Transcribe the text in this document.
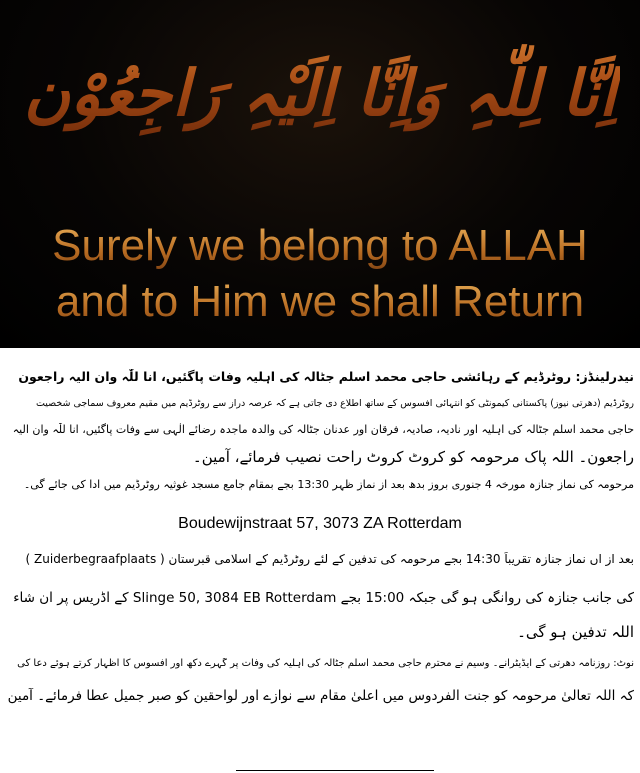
اِنَّا لِلّٰہِ وَاِنَّا اِلَیْہِ رَاجِعُوْن
Surely we belong to ALLAH
and to Him we shall Return
نیدرلینڈز: روٹرڈیم کے رہائشی حاجی محمد اسلم جٹالہ کی اہلیہ وفات پاگئیں، انا للّٰہ وان الیہ راجعون
روٹرڈیم (دھرتی نیوز) پاکستانی کیمونٹی کو انتہائی افسوس کے ساتھ اطلاع دی جاتی ہے کہ عرصہ دراز سے روٹرڈیم میں مقیم معروف سماجی شخصیت
حاجی محمد اسلم جٹالہ کی اہلیہ اور نادیہ، صادیہ، فرقان اور عدنان جٹالہ کی والدہ ماجدہ رضائے الٰہی سے وفات پاگئیں، انا للّٰہ وان الیہ
راجعون۔ اللہ پاک مرحومہ کو کروٹ کروٹ راحت نصیب فرمائے، آمین۔
مرحومہ کی نمازِ جنازہ مورخہ 4 جنوری بروز بدھ بعد از نمازِ ظہر 13:30 بجے بمقام جامع مسجد غوثیہ روٹرڈیم میں ادا کی جائے گی۔
Boudewijnstraat 57, 3073 ZA Rotterdam
بعد از اں نماز جنازہ تقریباً 14:30 بجے مرحومہ کی تدفین کے لئے روٹرڈیم کے اسلامی قبرستان ( Zuiderbegraafplaats )
کی جانب جنازہ کی روانگی ہو گی جبکہ 15:00 بجے Slinge 50, 3084 EB Rotterdam کے اڈریس پر ان شاء
اللہ تدفین ہو گی۔
نوٹ: روزنامہ دھرتی کے ایڈیٹرانے۔ وسیم نے محترم حاجی محمد اسلم جٹالہ کی اہلیہ کی وفات پر گہرے دکھ اور افسوس کا اظہار کرتے ہوئے دعا کی
کہ اللہ تعالیٰ مرحومہ کو جنت الفردوس میں اعلیٰ مقام سے نوازے اور لواحقین کو صبر جمیل عطا فرمائے۔ آمین
